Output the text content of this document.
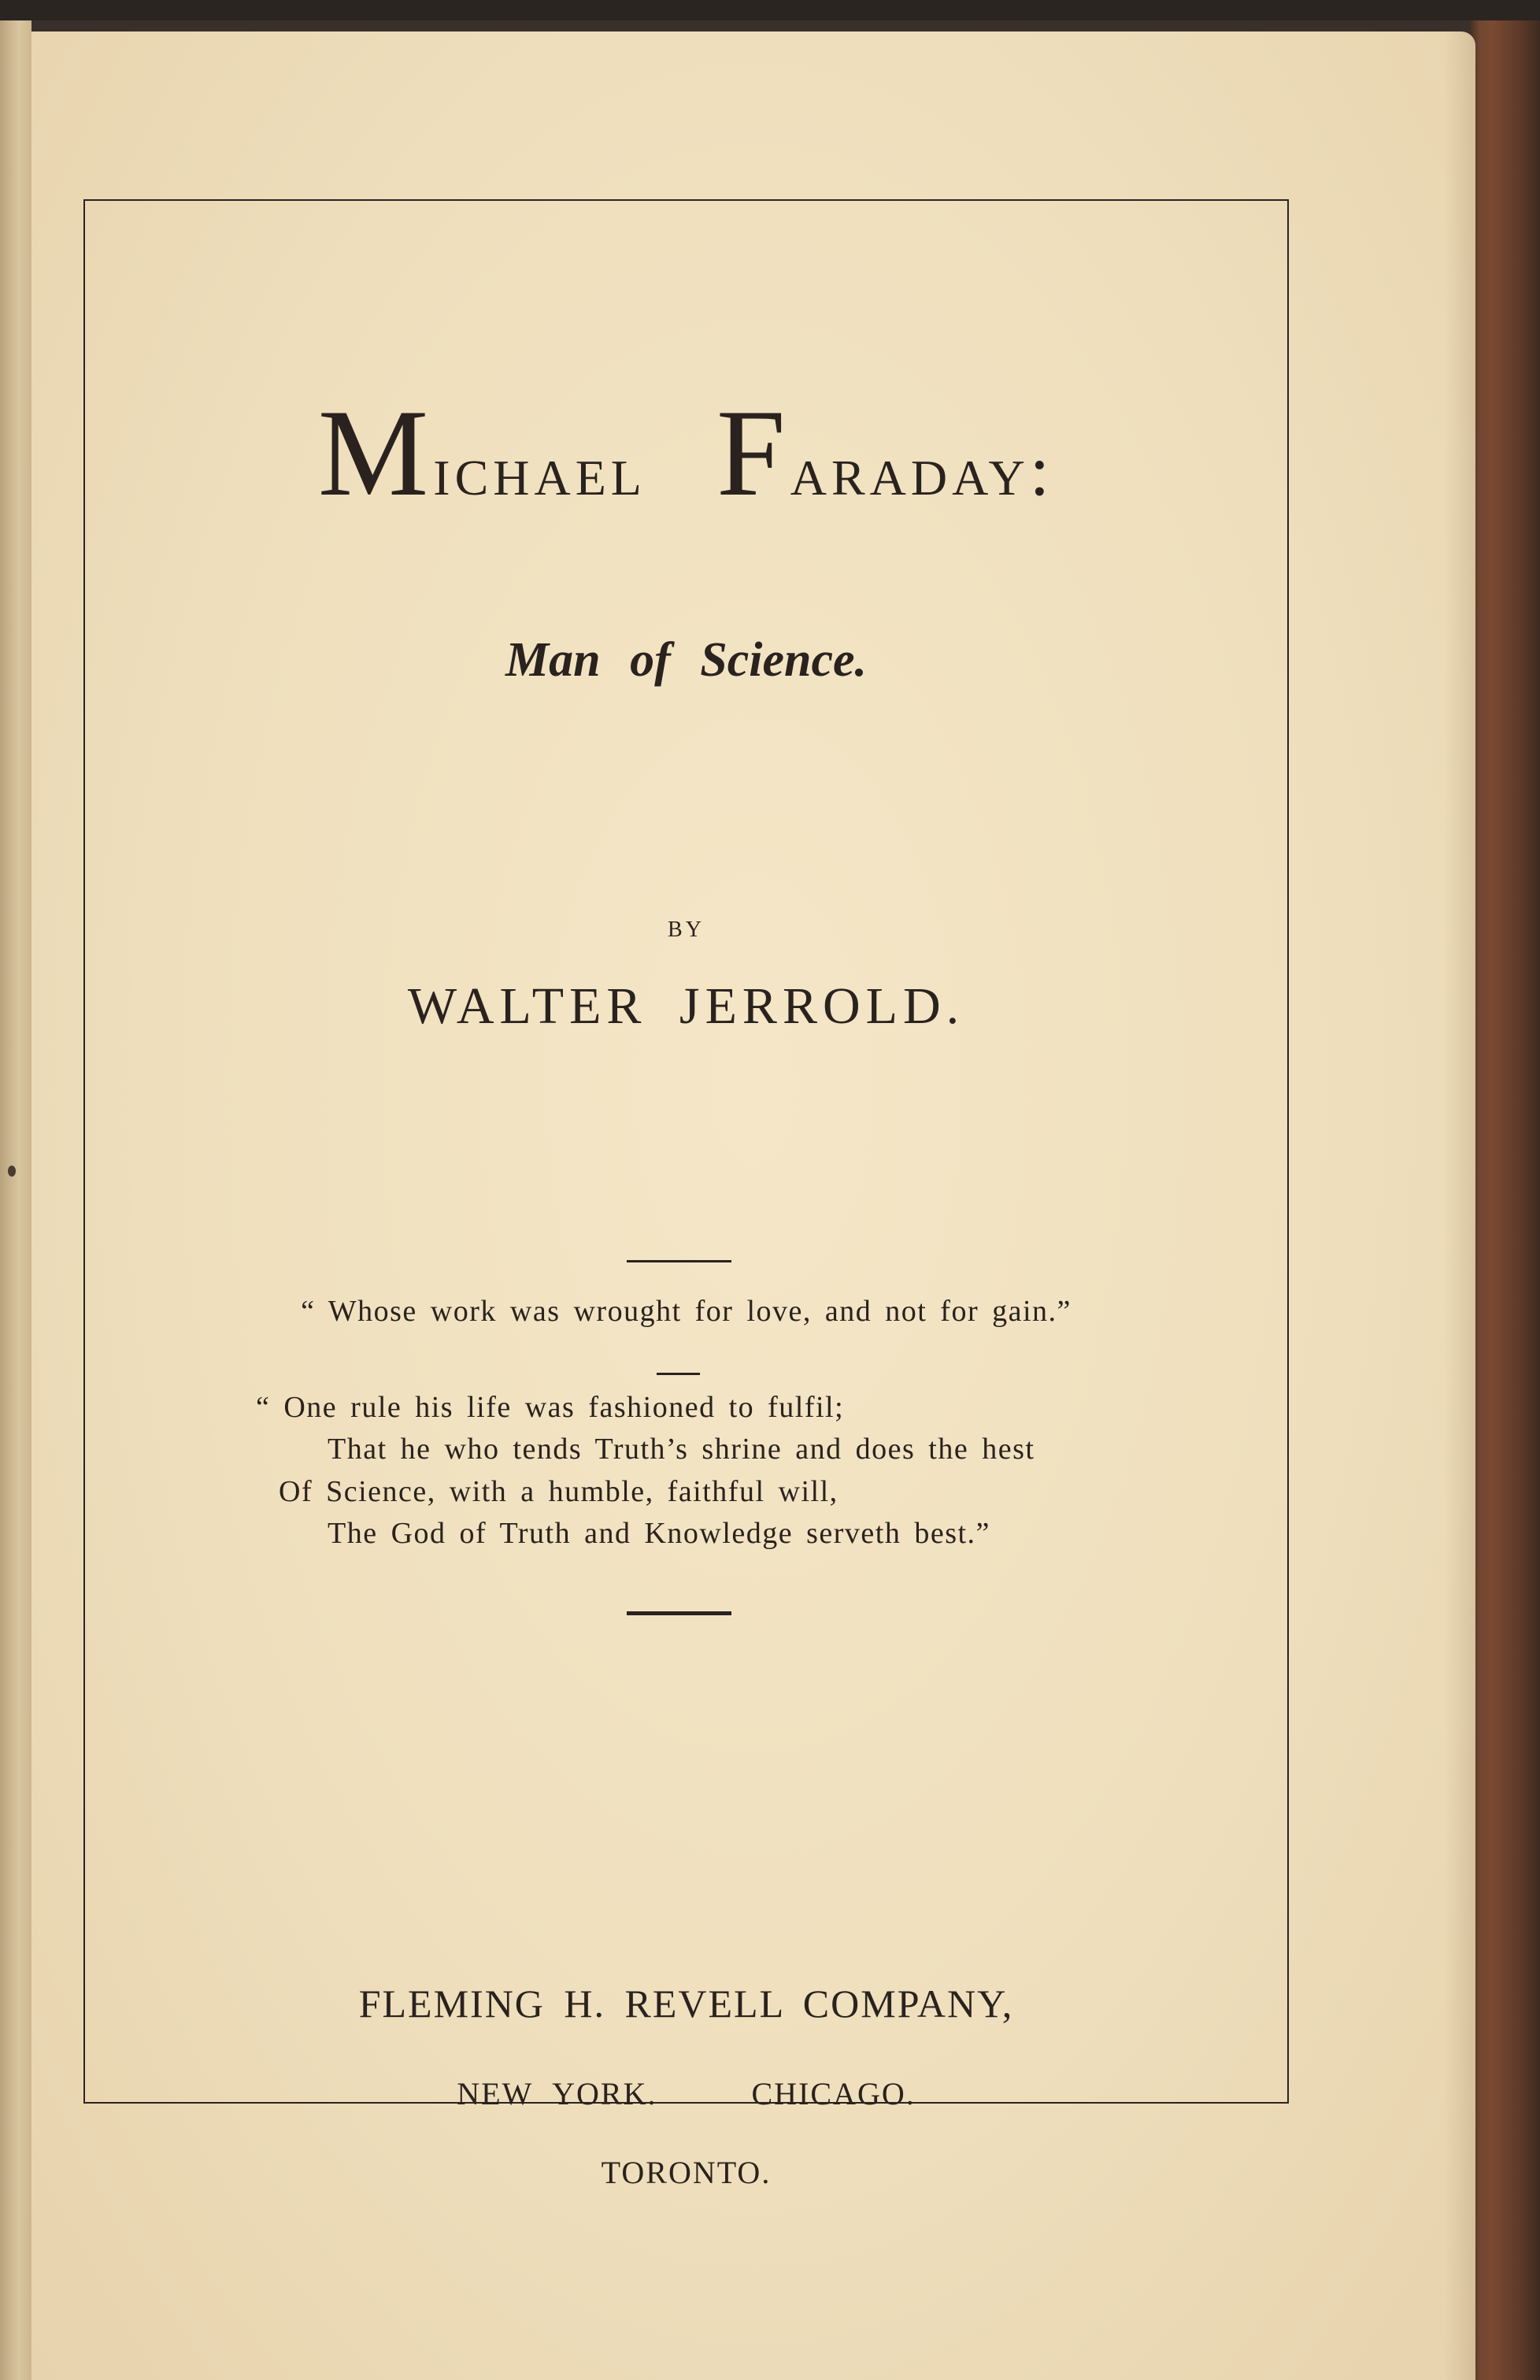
Michael Faraday:
Man of Science.
BY
WALTER JERROLD.
“ Whose work was wrought for love, and not for gain.”
“ One rule his life was fashioned to fulfil;
That he who tends Truth’s shrine and does the hest
Of Science, with a humble, faithful will,
The God of Truth and Knowledge serveth best.”
FLEMING H. REVELL COMPANY,
NEW YORK.	CHICAGO.
TORONTO.
